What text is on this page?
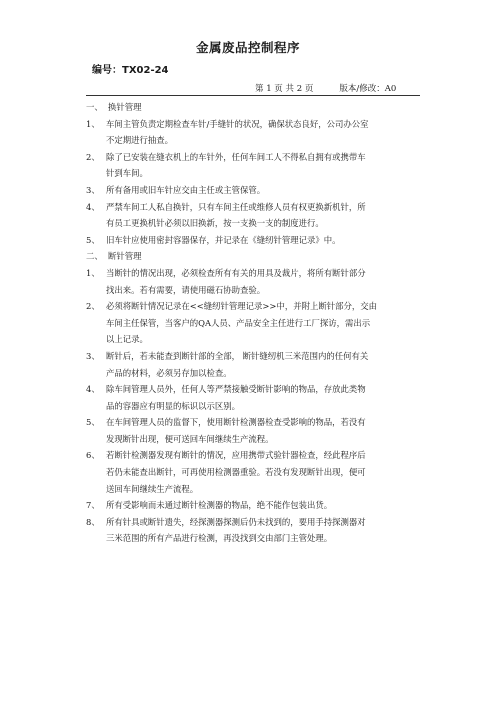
金属废品控制程序
编号：TX02-24
第 1 页 共 2 页	版本/修改：A0
一、 换针管理
1、 车间主管负责定期检查车针/手缝针的状况，确保状态良好，公司办公室
不定期进行抽查。
2、 除了已安装在缝衣机上的车针外，任何车间工人不得私自拥有或携带车
针到车间。
3、 所有备用或旧车针应交由主任或主管保管。
4、 严禁车间工人私自换针，只有车间主任或维修人员有权更换新机针，所
有员工更换机针必须以旧换新，按一支换一支的制度进行。
5、 旧车针应使用密封容器保存，并记录在《缝纫针管理记录》中。
二、 断针管理
1、 当断针的情况出现，必须检查所有有关的用具及裁片，将所有断针部分
找出来。若有需要，请使用磁石协助查验。
2、 必须将断针情况记录在<<缝纫针管理记录>>中，并附上断针部分，交由
车间主任保管，当客户的QA人员、产品安全主任进行工厂探访，需出示
以上记录。
3、 断针后，若未能查到断针部的全部， 断针缝纫机三米范围内的任何有关
产品的材料，必须另存加以检查。
4、 除车间管理人员外，任何人等严禁接触受断针影响的物品，存放此类物
品的容器应有明显的标识以示区别。
5、 在车间管理人员的监督下，使用断针检测器检查受影响的物品，若没有
发现断针出现，便可送回车间继续生产流程。
6、 若断针检测器发现有断针的情况，应用携带式验针器检查，经此程序后
若仍未能查出断针，可再使用检测器重验。若没有发现断针出现，便可
送回车间继续生产流程。
7、 所有受影响而未通过断针检测器的物品，绝不能作包装出货。
8、 所有针具或断针遗失，经探测器探测后仍未找到的，要用手持探测器对
三米范围的所有产品进行检测，再没找到交由部门主管处理。
